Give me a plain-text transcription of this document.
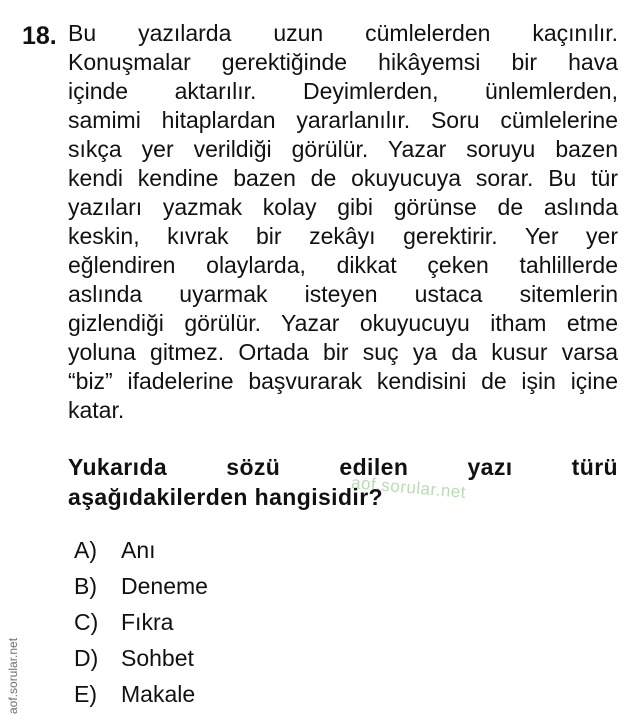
18. Bu yazılarda uzun cümlelerden kaçınılır.
Konuşmalar gerektiğinde hikâyemsi bir hava
içinde aktarılır. Deyimlerden, ünlemlerden,
samimi hitaplardan yararlanılır. Soru cümlelerine
sıkça yer verildiği görülür. Yazar soruyu bazen
kendi kendine bazen de okuyucuya sorar. Bu tür
yazıları yazmak kolay gibi görünse de aslında
keskin, kıvrak bir zekâyı gerektirir. Yer yer
eğlendiren olaylarda, dikkat çeken tahlillerde
aslında uyarmak isteyen ustaca sitemlerin
gizlendiği görülür. Yazar okuyucuyu itham etme
yoluna gitmez. Ortada bir suç ya da kusur varsa
“biz” ifadelerine başvurarak kendisini de işin içine
katar.
aof.sorular.net
Yukarıda sözü edilen yazı türü
aşağıdakilerden hangisidir?
A) Anı
B) Deneme
C) Fıkra
D) Sohbet
E) Makale
aof.sorular.net
